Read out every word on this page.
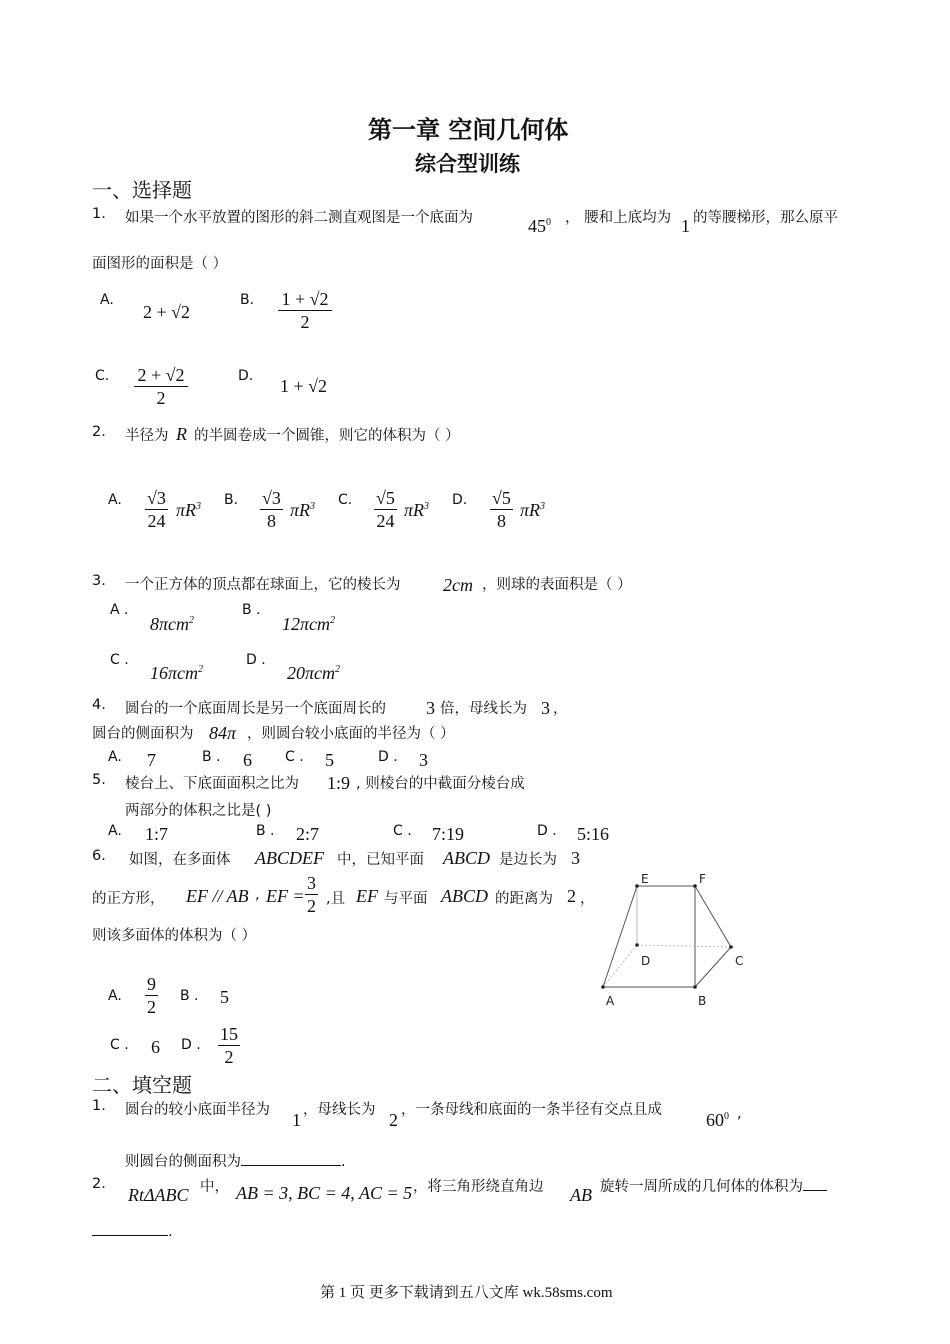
第一章 空间几何体
综合型训练
一、选择题
1. 如果一个水平放置的图形的斜二测直观图是一个底面为	$45^0$ ， 腰和上底均为 1 的等腰梯形，那么原平
面图形的面积是（ ）
A.
2 + √2
B. $\frac{1 + √2}{2}$
C. $\frac{2 + √2}{2}$	D. 1 + √2
2. 半径为 R 的半圆卷成一个圆锥，则它的体积为（ ）
A. $\frac{√3}{24} \pi R^3$ B. $\frac{√3}{8} \pi R^3$ C. $\frac{√5}{24} \pi R^3$ D. $\frac{√5}{8} \pi R^3$
3. 一个正方体的顶点都在球面上，它的棱长为 2cm ，则球的表面积是（ ）
A .
8πcm$^2$
B .
12πcm$^2$
C .
16πcm$^2$
D .
20πcm$^2$
4. 圆台的一个底面周长是另一个底面周长的 3 倍，母线长为 3 ，
圆台的侧面积为 84π ，则圆台较小底面的半径为（ ）
A. 7	B . 6 C . 5	D . 3
5. 棱台上、下底面面积之比为 1:9 , 则棱台的中截面分棱台成
两部分的体积之比是( )
A. 1:7	B . 2:7	C . 7:19	D . 5:16
6. 如图，在多面体 ABCDEF 中，已知平面 ABCD 是边长为 3
的正方形， EF // AB , EF = $\frac{3}{2}$ ,且 EF 与平面 ABCD 的距离为 2 ，
则该多面体的体积为（ ）
A. $\frac{9}{2}$ B . 5
C . 6 D . $\frac{15}{2}$
E	F
D	C
A	B
二、填空题
1. 圆台的较小底面半径为 1 ，母线长为 2 ，一条母线和底面的一条半径有交点且成 $60^0$ ,
则圆台的侧面积为	.
2.
RtΔABC 中， AB = 3, BC = 4, AC = 5 ，将三角形绕直角边 AB 旋转一周所成的几何体的体积为
.
第 1 页 更多下载请到五八文库 wk.58sms.com
